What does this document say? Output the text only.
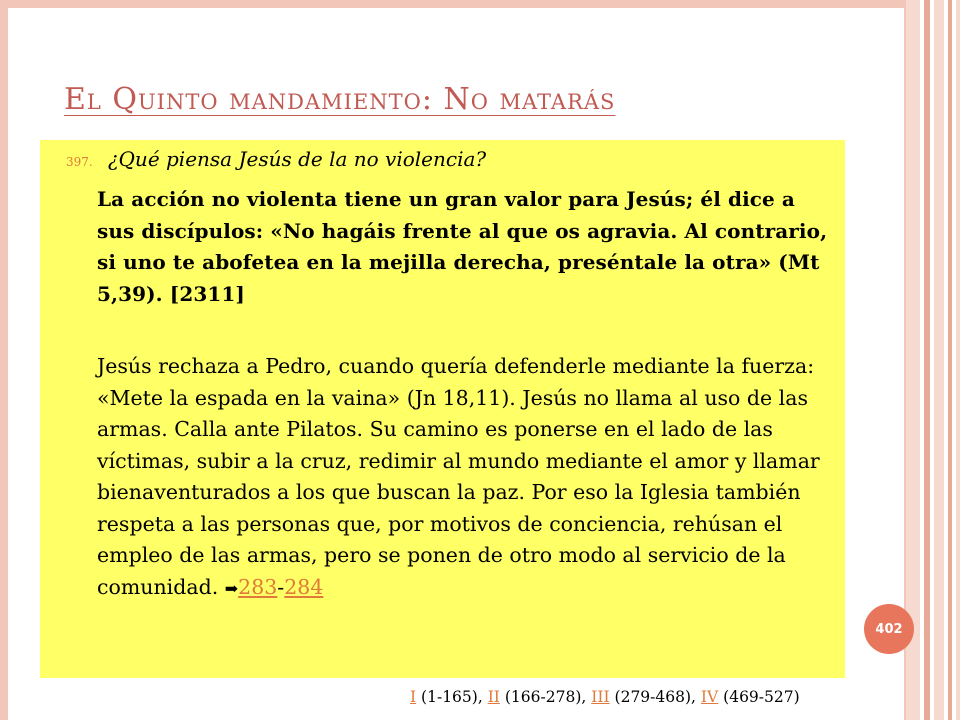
El Quinto mandamiento: No matarás
397. ¿Qué piensa Jesús de la no violencia?
La acción no violenta tiene un gran valor para Jesús; él dice a sus discípulos: «No hagáis frente al que os agravia. Al contrario, si uno te abofetea en la mejilla derecha, preséntale la otra» (Mt 5,39). [2311]
Jesús rechaza a Pedro, cuando quería defenderle mediante la fuerza: «Mete la espada en la vaina» (Jn 18,11). Jesús no llama al uso de las armas. Calla ante Pilatos. Su camino es ponerse en el lado de las víctimas, subir a la cruz, redimir al mundo mediante el amor y llamar bienaventurados a los que buscan la paz. Por eso la Iglesia también respeta a las personas que, por motivos de conciencia, rehúsan el empleo de las armas, pero se ponen de otro modo al servicio de la comunidad. ➡283-284
402
I (1-165), II (166-278), III (279-468), IV (469-527)
